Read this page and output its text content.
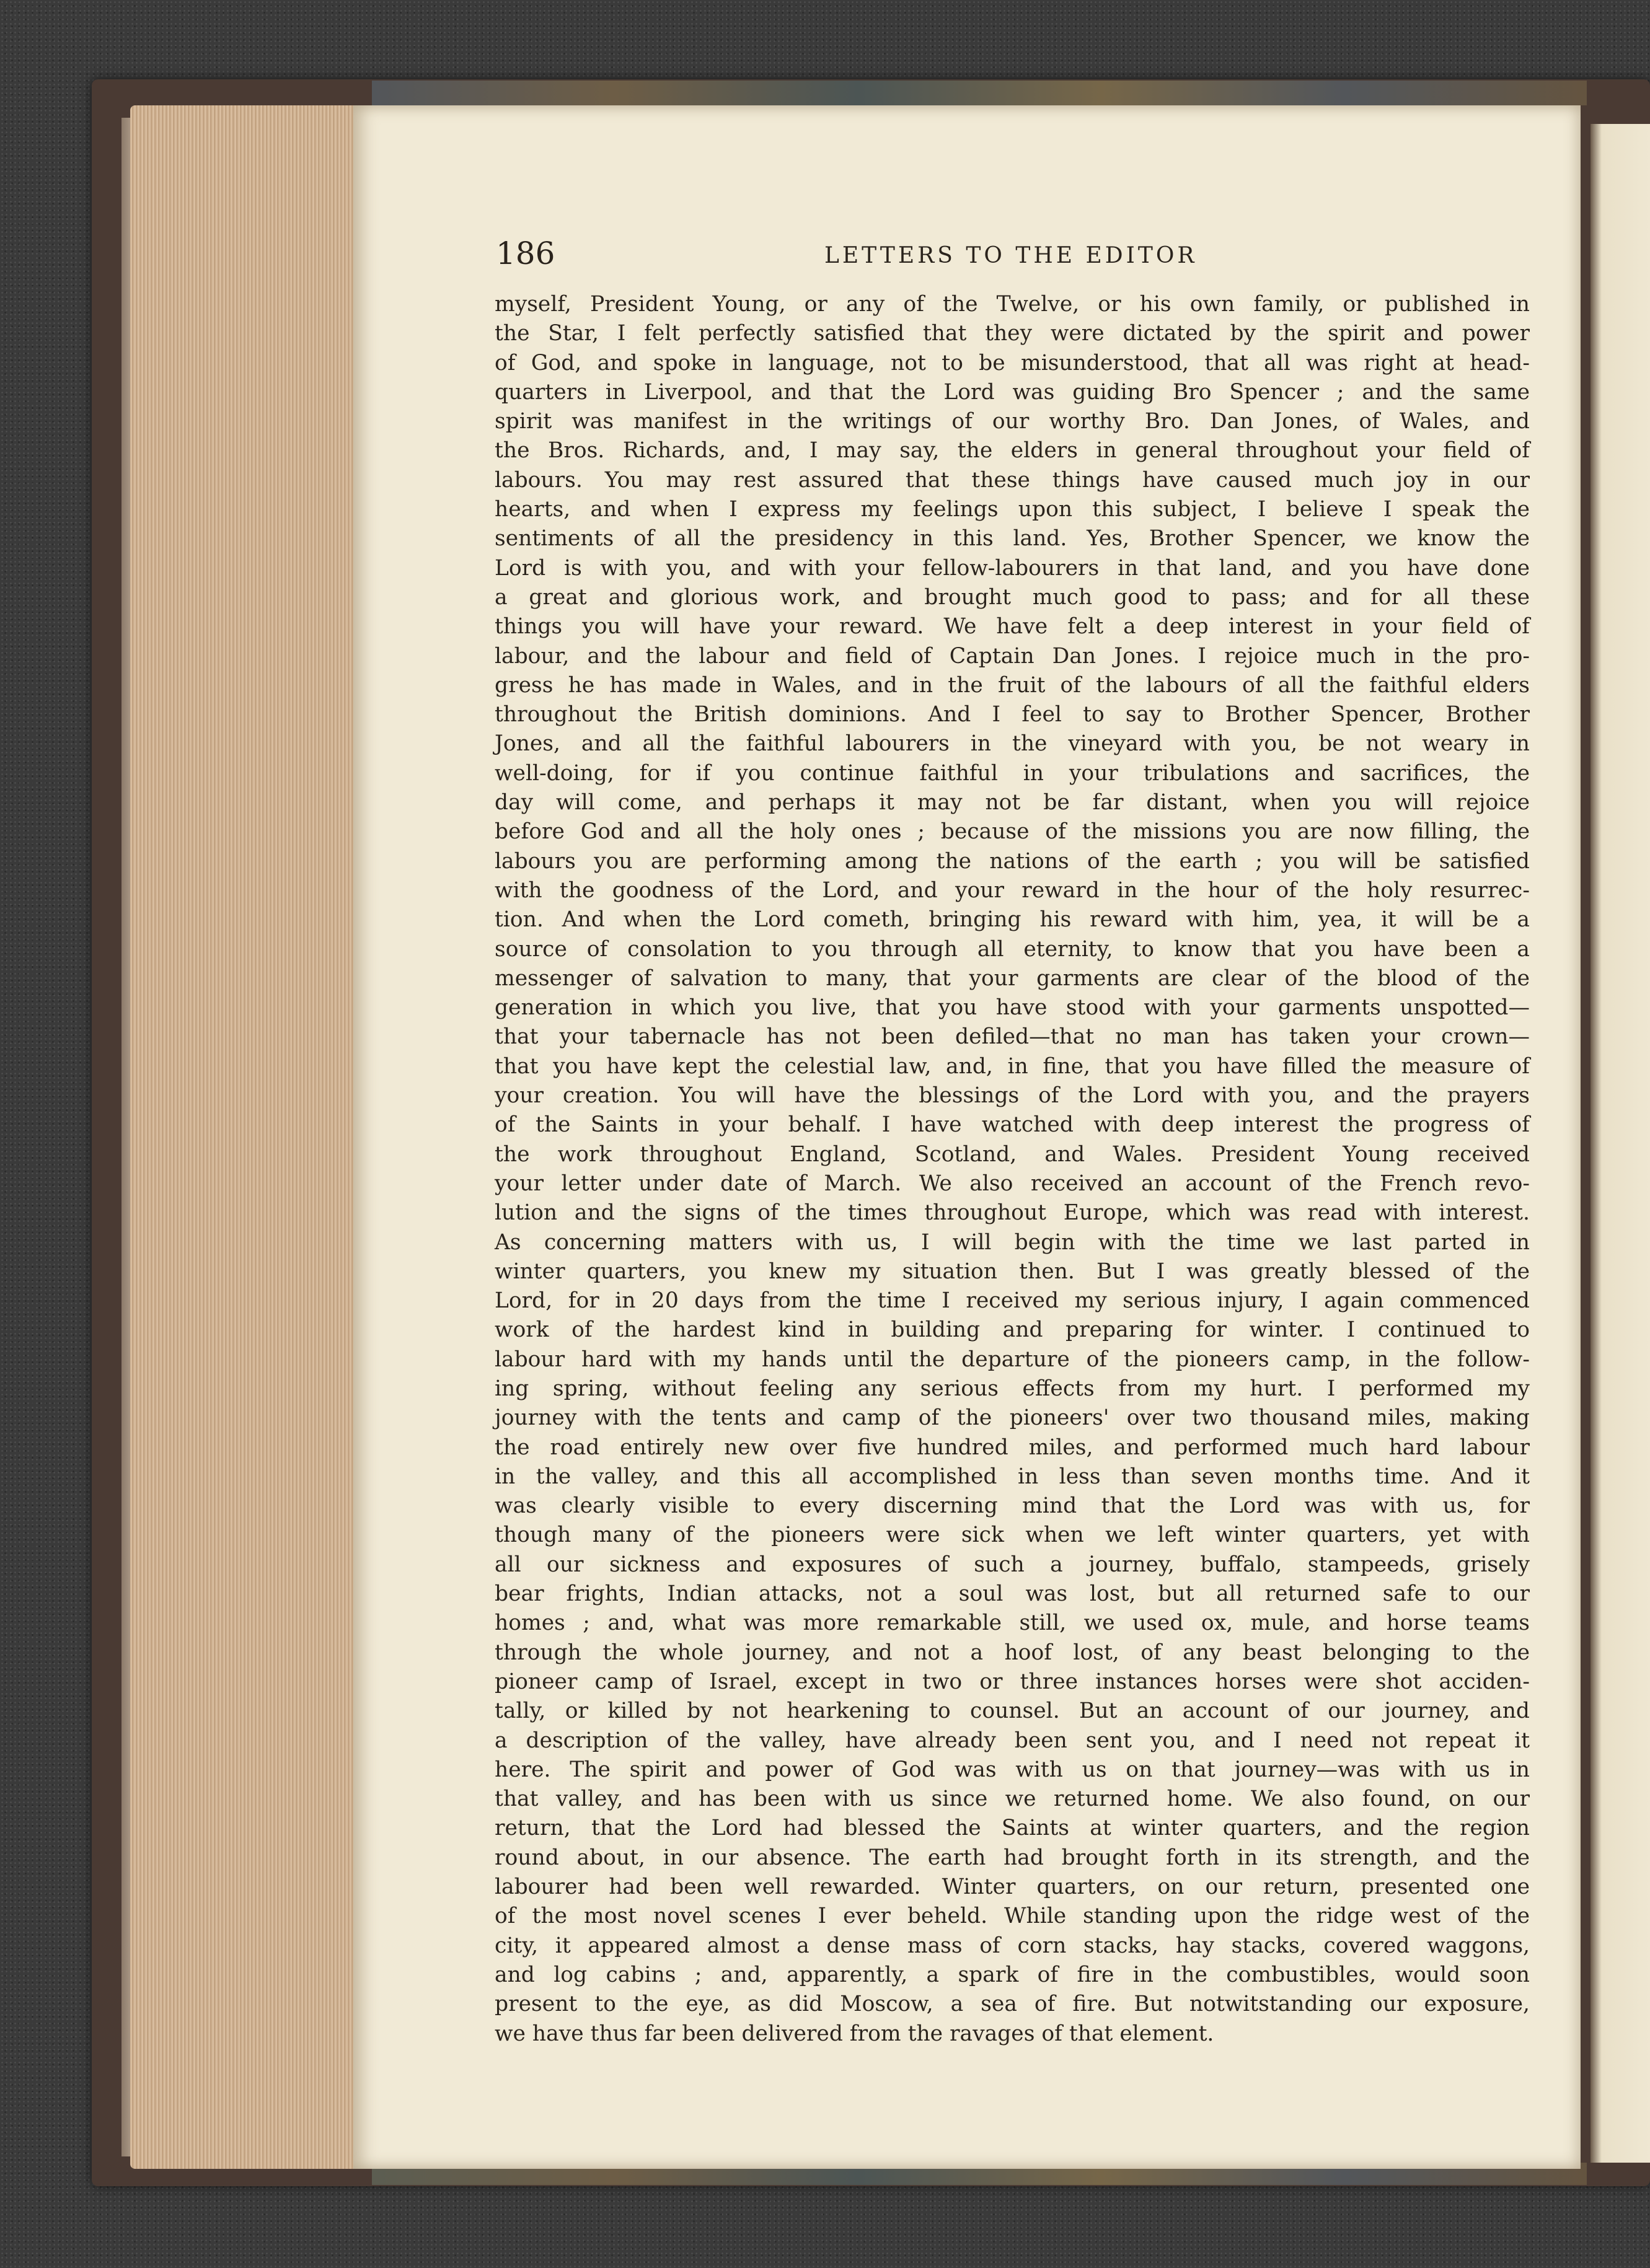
186	LETTERS TO THE EDITOR
myself, President Young, or any of the Twelve, or his own family, or published in
the Star, I felt perfectly satisfied that they were dictated by the spirit and power
of God, and spoke in language, not to be misunderstood, that all was right at head-
quarters in Liverpool, and that the Lord was guiding Bro Spencer ; and the same
spirit was manifest in the writings of our worthy Bro. Dan Jones, of Wales, and
the Bros. Richards, and, I may say, the elders in general throughout your field of
labours. You may rest assured that these things have caused much joy in our
hearts, and when I express my feelings upon this subject, I believe I speak the
sentiments of all the presidency in this land. Yes, Brother Spencer, we know the
Lord is with you, and with your fellow-labourers in that land, and you have done
a great and glorious work, and brought much good to pass; and for all these
things you will have your reward. We have felt a deep interest in your field of
labour, and the labour and field of Captain Dan Jones. I rejoice much in the pro-
gress he has made in Wales, and in the fruit of the labours of all the faithful elders
throughout the British dominions. And I feel to say to Brother Spencer, Brother
Jones, and all the faithful labourers in the vineyard with you, be not weary in
well-doing, for if you continue faithful in your tribulations and sacrifices, the
day will come, and perhaps it may not be far distant, when you will rejoice
before God and all the holy ones ; because of the missions you are now filling, the
labours you are performing among the nations of the earth ; you will be satisfied
with the goodness of the Lord, and your reward in the hour of the holy resurrec-
tion. And when the Lord cometh, bringing his reward with him, yea, it will be a
source of consolation to you through all eternity, to know that you have been a
messenger of salvation to many, that your garments are clear of the blood of the
generation in which you live, that you have stood with your garments unspotted—
that your tabernacle has not been defiled—that no man has taken your crown—
that you have kept the celestial law, and, in fine, that you have filled the measure of
your creation. You will have the blessings of the Lord with you, and the prayers
of the Saints in your behalf. I have watched with deep interest the progress of
the work throughout England, Scotland, and Wales. President Young received
your letter under date of March. We also received an account of the French revo-
lution and the signs of the times throughout Europe, which was read with interest.
As concerning matters with us, I will begin with the time we last parted in
winter quarters, you knew my situation then. But I was greatly blessed of the
Lord, for in 20 days from the time I received my serious injury, I again commenced
work of the hardest kind in building and preparing for winter. I continued to
labour hard with my hands until the departure of the pioneers camp, in the follow-
ing spring, without feeling any serious effects from my hurt. I performed my
journey with the tents and camp of the pioneers' over two thousand miles, making
the road entirely new over five hundred miles, and performed much hard labour
in the valley, and this all accomplished in less than seven months time. And it
was clearly visible to every discerning mind that the Lord was with us, for
though many of the pioneers were sick when we left winter quarters, yet with
all our sickness and exposures of such a journey, buffalo, stampeeds, grisely
bear frights, Indian attacks, not a soul was lost, but all returned safe to our
homes ; and, what was more remarkable still, we used ox, mule, and horse teams
through the whole journey, and not a hoof lost, of any beast belonging to the
pioneer camp of Israel, except in two or three instances horses were shot acciden-
tally, or killed by not hearkening to counsel. But an account of our journey, and
a description of the valley, have already been sent you, and I need not repeat it
here. The spirit and power of God was with us on that journey—was with us in
that valley, and has been with us since we returned home. We also found, on our
return, that the Lord had blessed the Saints at winter quarters, and the region
round about, in our absence. The earth had brought forth in its strength, and the
labourer had been well rewarded. Winter quarters, on our return, presented one
of the most novel scenes I ever beheld. While standing upon the ridge west of the
city, it appeared almost a dense mass of corn stacks, hay stacks, covered waggons,
and log cabins ; and, apparently, a spark of fire in the combustibles, would soon
present to the eye, as did Moscow, a sea of fire. But notwitstanding our exposure,
we have thus far been delivered from the ravages of that element.
